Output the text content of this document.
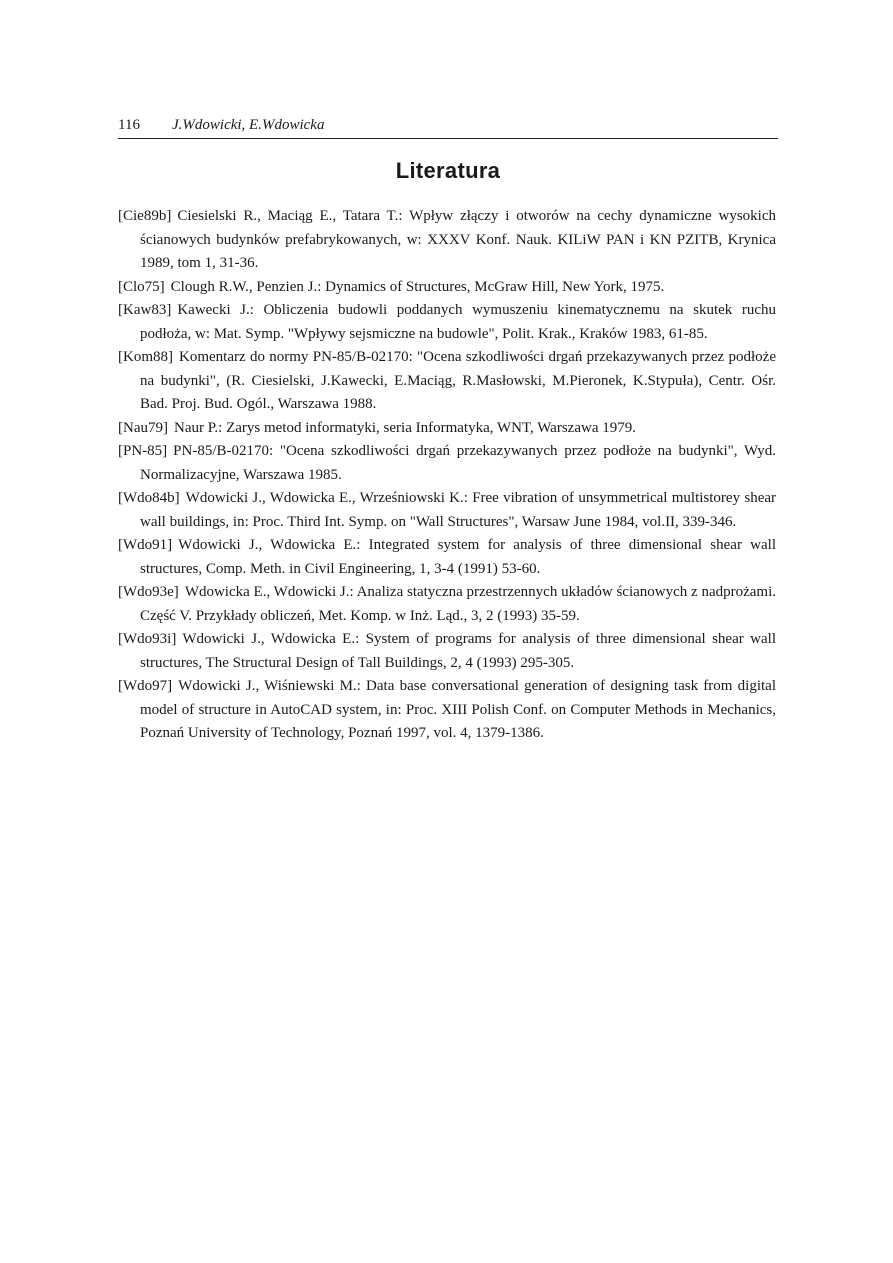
116 J.Wdowicki, E.Wdowicka
Literatura
[Cie89b] Ciesielski R., Maciąg E., Tatara T.: Wpływ złączy i otworów na cechy dynamiczne wysokich ścianowych budynków prefabrykowanych, w: XXXV Konf. Nauk. KILiW PAN i KN PZITB, Krynica 1989, tom 1, 31-36.
[Clo75] Clough R.W., Penzien J.: Dynamics of Structures, McGraw Hill, New York, 1975.
[Kaw83] Kawecki J.: Obliczenia budowli poddanych wymuszeniu kinematycznemu na skutek ruchu podłoża, w: Mat. Symp. "Wpływy sejsmiczne na budowle", Polit. Krak., Kraków 1983, 61-85.
[Kom88] Komentarz do normy PN-85/B-02170: "Ocena szkodliwości drgań przekazywanych przez podłoże na budynki", (R. Ciesielski, J.Kawecki, E.Maciąg, R.Masłowski, M.Pieronek, K.Stypuła), Centr. Ośr. Bad. Proj. Bud. Ogól., Warszawa 1988.
[Nau79] Naur P.: Zarys metod informatyki, seria Informatyka, WNT, Warszawa 1979.
[PN-85] PN-85/B-02170: "Ocena szkodliwości drgań przekazywanych przez podłoże na budynki", Wyd. Normalizacyjne, Warszawa 1985.
[Wdo84b] Wdowicki J., Wdowicka E., Wrześniowski K.: Free vibration of unsymmetrical multistorey shear wall buildings, in: Proc. Third Int. Symp. on "Wall Structures", Warsaw June 1984, vol.II, 339-346.
[Wdo91] Wdowicki J., Wdowicka E.: Integrated system for analysis of three dimensional shear wall structures, Comp. Meth. in Civil Engineering, 1, 3-4 (1991) 53-60.
[Wdo93e] Wdowicka E., Wdowicki J.: Analiza statyczna przestrzennych układów ścianowych z nadprożami. Część V. Przykłady obliczeń, Met. Komp. w Inż. Ląd., 3, 2 (1993) 35-59.
[Wdo93i] Wdowicki J., Wdowicka E.: System of programs for analysis of three dimensional shear wall structures, The Structural Design of Tall Buildings, 2, 4 (1993) 295-305.
[Wdo97] Wdowicki J., Wiśniewski M.: Data base conversational generation of designing task from digital model of structure in AutoCAD system, in: Proc. XIII Polish Conf. on Computer Methods in Mechanics, Poznań University of Technology, Poznań 1997, vol. 4, 1379-1386.
